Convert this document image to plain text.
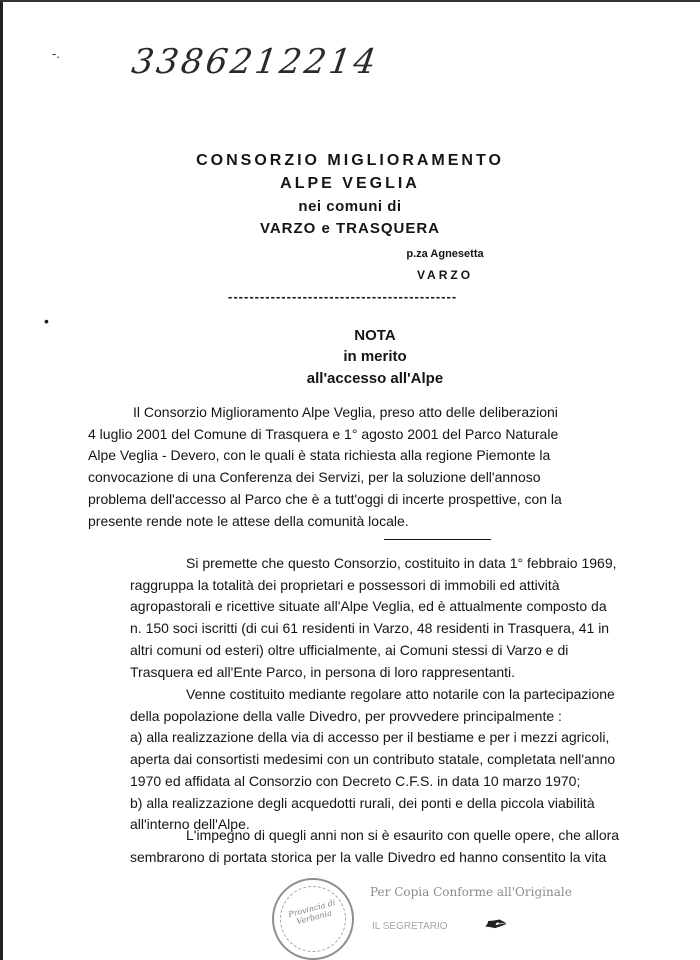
-. 3386212214
CONSORZIO MIGLIORAMENTO
ALPE VEGLIA
nei comuni di
VARZO e TRASQUERA
p.za Agnesetta
VARZO
-------------------------------------------
•
NOTA
in merito
all'accesso all'Alpe
Il Consorzio Miglioramento Alpe Veglia, preso atto delle deliberazioni
4 luglio 2001 del Comune di Trasquera e 1° agosto 2001 del Parco Naturale
Alpe Veglia - Devero, con le quali è stata richiesta alla regione Piemonte la
convocazione di una Conferenza dei Servizi, per la soluzione dell'annoso
problema dell'accesso al Parco che è a tutt'oggi di incerte prospettive, con la
presente rende note le attese della comunità locale.
Si premette che questo Consorzio, costituito in data 1° febbraio 1969,
raggruppa la totalità dei proprietari e possessori di immobili ed attività
agropastorali e ricettive situate all'Alpe Veglia, ed è attualmente composto da
n. 150 soci iscritti (di cui 61 residenti in Varzo, 48 residenti in Trasquera, 41 in
altri comuni od esteri) oltre ufficialmente, ai Comuni stessi di Varzo e di
Trasquera ed all'Ente Parco, in persona di loro rappresentanti.
Venne costituito mediante regolare atto notarile con la partecipazione
della popolazione della valle Divedro, per provvedere principalmente :
a) alla realizzazione della via di accesso per il bestiame e per i mezzi agricoli,
aperta dai consortisti medesimi con un contributo statale, completata nell'anno
1970 ed affidata al Consorzio con Decreto C.F.S. in data 10 marzo 1970;
b) alla realizzazione degli acquedotti rurali, dei ponti e della piccola viabilità
all'interno dell'Alpe.
L'impegno di quegli anni non si è esaurito con quelle opere, che allora
sembrarono di portata storica per la valle Divedro ed hanno consentito la vita
Provincia di Verbania
Per Copia Conforme all'Originale
IL SEGRETARIO ✒︎
